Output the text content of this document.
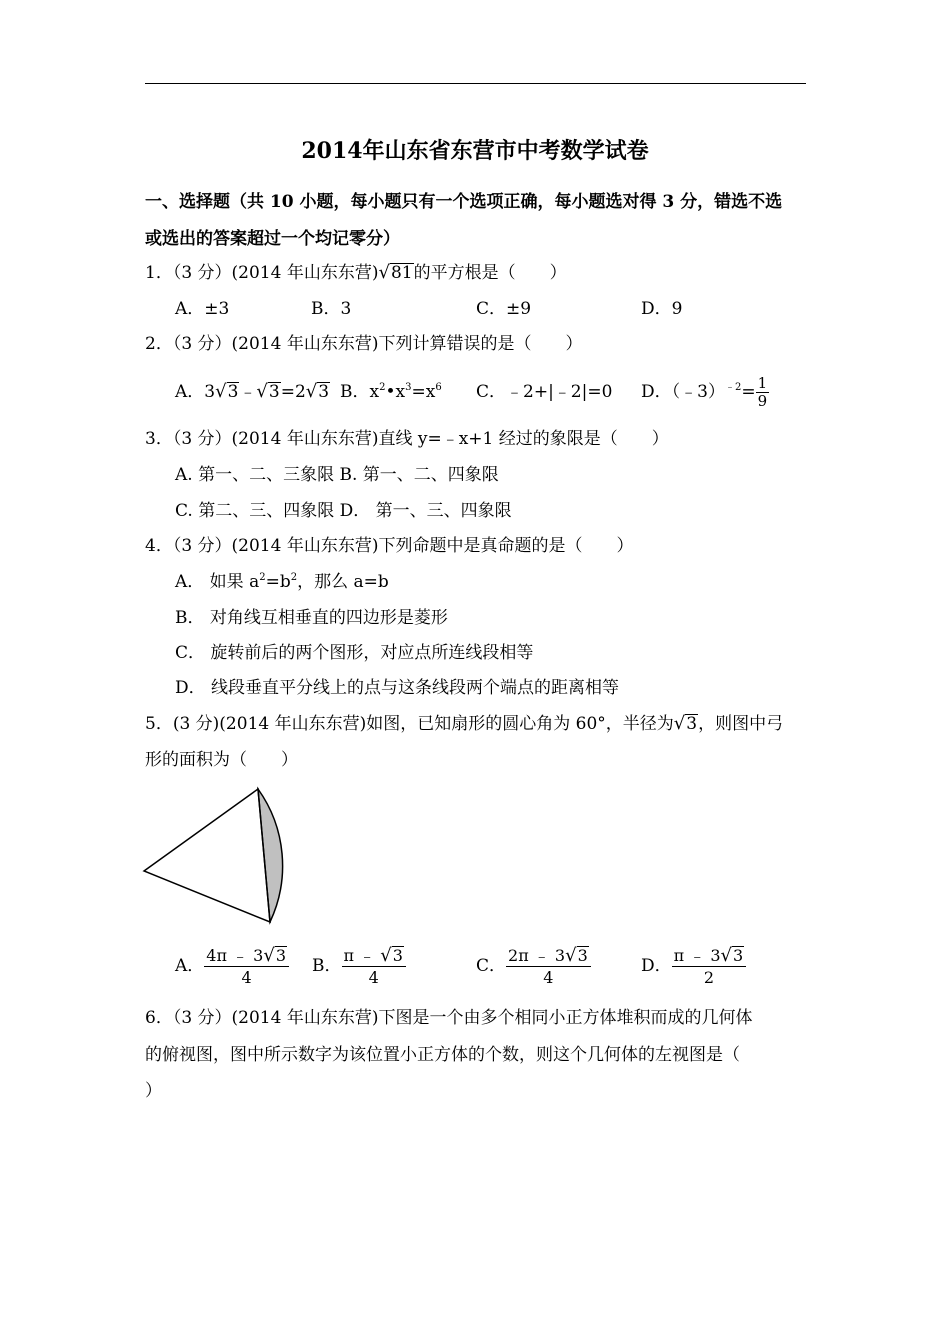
2014年山东省东营市中考数学试卷
一、选择题（共 10 小题，每小题只有一个选项正确，每小题选对得 3 分，错选不选
或选出的答案超过一个均记零分）
1．（3 分）(2014 年山东东营)√81的平方根是（　　）
A．±3	B．3	C．±9	D．9
2．（3 分）(2014 年山东东营)下列计算错误的是（　　）
A．3√3﹣√3=2√3 B．$x^2•x^3=x^6$ C．﹣2+|﹣2|=0 D．（﹣3）$^{﹣2}$= $\frac{1}{9}$
3．（3 分）(2014 年山东东营)直线 y=﹣x+1 经过的象限是（　　）
A. 第一、二、三象限 B. 第一、二、四象限
C. 第二、三、四象限 D． 第一、三、四象限
4．（3 分）(2014 年山东东营)下列命题中是真命题的是（　　）
A． 如果 $a^2=b^2$，那么 a=b
B． 对角线互相垂直的四边形是菱形
C． 旋转前后的两个图形，对应点所连线段相等
D． 线段垂直平分线上的点与这条线段两个端点的距离相等
5．(3 分)(2014 年山东东营)如图，已知扇形的圆心角为 60°，半径为√3，则图中弓
形的面积为（　　）
A． $\frac{4\pi ﹣ 3√3}{4}$ B． $\frac{\pi ﹣ √3}{4}$	C． $\frac{2\pi ﹣ 3√3}{4}$	D． $\frac{\pi ﹣ 3√3}{2}$
6．（3 分）(2014 年山东东营)下图是一个由多个相同小正方体堆积而成的几何体
的俯视图，图中所示数字为该位置小正方体的个数，则这个几何体的左视图是（
）
